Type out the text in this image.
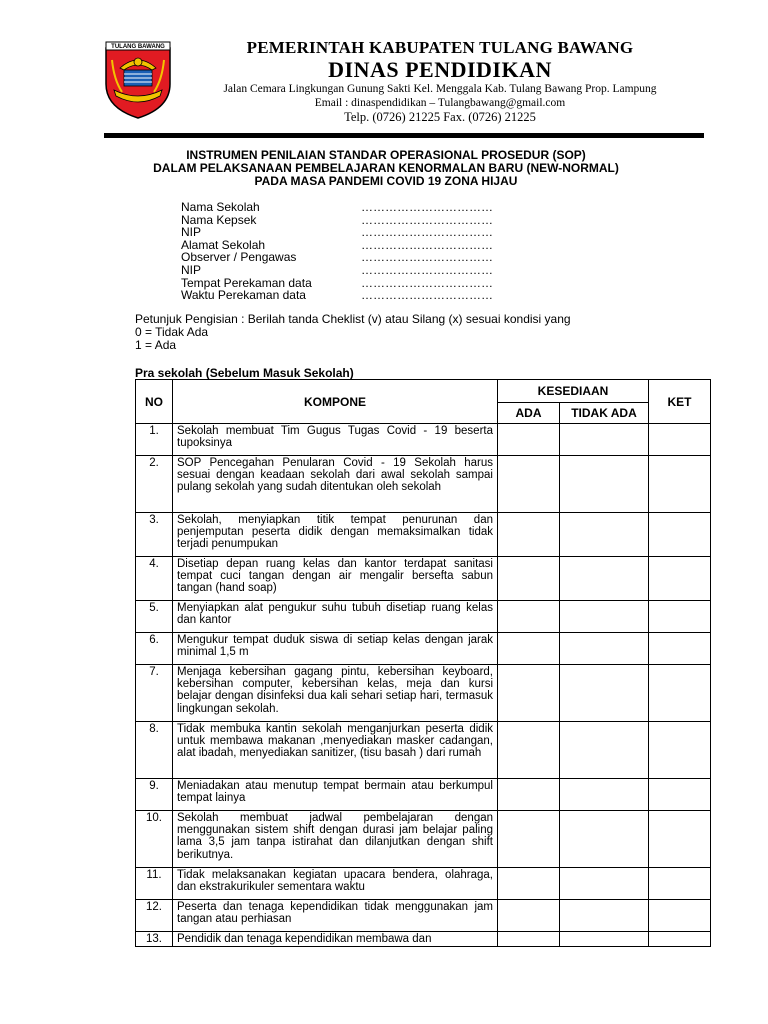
TULANG BAWANG	PEMERINTAH KABUPATEN TULANG BAWANG
DINAS PENDIDIKAN
Jalan Cemara Lingkungan Gunung Sakti Kel. Menggala Kab. Tulang Bawang Prop. Lampung
Email : dinaspendidikan – Tulangbawang@gmail.com
Telp. (0726) 21225 Fax. (0726) 21225
INSTRUMEN PENILAIAN STANDAR OPERASIONAL PROSEDUR (SOP)
DALAM PELAKSANAAN PEMBELAJARAN KENORMALAN BARU (NEW-NORMAL)
PADA MASA PANDEMI COVID 19 ZONA HIJAU
Nama Sekolah	……………………………
Nama Kepsek	……………………………
NIP	……………………………
Alamat Sekolah	……………………………
Observer / Pengawas	……………………………
NIP	……………………………
Tempat Perekaman data	……………………………
Waktu Perekaman data	……………………………
Petunjuk Pengisian : Berilah tanda Cheklist (v) atau Silang (x) sesuai kondisi yang
0 = Tidak Ada
1 = Ada
Pra sekolah (Sebelum Masuk Sekolah)
NO	KOMPONE	KESEDIAAN		KET
		ADA	TIDAK ADA	
1.	Sekolah membuat Tim Gugus Tugas Covid - 19 beserta tupoksinya			
2.	SOP Pencegahan Penularan Covid - 19 Sekolah harus sesuai dengan keadaan sekolah dari awal sekolah sampai pulang sekolah yang sudah ditentukan oleh sekolah			
3.	Sekolah, menyiapkan titik tempat penurunan dan penjemputan peserta didik dengan memaksimalkan tidak terjadi penumpukan			
4.	Disetiap depan ruang kelas dan kantor terdapat sanitasi tempat cuci tangan dengan air mengalir bersefta sabun tangan (hand soap)			
5.	Menyiapkan alat pengukur suhu tubuh disetiap ruang kelas dan kantor			
6.	Mengukur tempat duduk siswa di setiap kelas dengan jarak minimal 1,5 m			
7.	Menjaga kebersihan gagang pintu, kebersihan keyboard, kebersihan computer, kebersihan kelas, meja dan kursi belajar dengan disinfeksi dua kali sehari setiap hari, termasuk lingkungan sekolah.			
8.	Tidak membuka kantin sekolah menganjurkan peserta didik untuk membawa makanan ,menyediakan masker cadangan, alat ibadah, menyediakan sanitizer, (tisu basah ) dari rumah			
9.	Meniadakan atau menutup tempat bermain atau berkumpul tempat lainya			
10.	Sekolah membuat jadwal pembelajaran dengan menggunakan sistem shift dengan durasi jam belajar paling lama 3,5 jam tanpa istirahat dan dilanjutkan dengan shift berikutnya.			
11.	Tidak melaksanakan kegiatan upacara bendera, olahraga, dan ekstrakurikuler sementara waktu			
12.	Peserta dan tenaga kependidikan tidak menggunakan jam tangan atau perhiasan			
13.	Pendidik dan tenaga kependidikan membawa dan			
